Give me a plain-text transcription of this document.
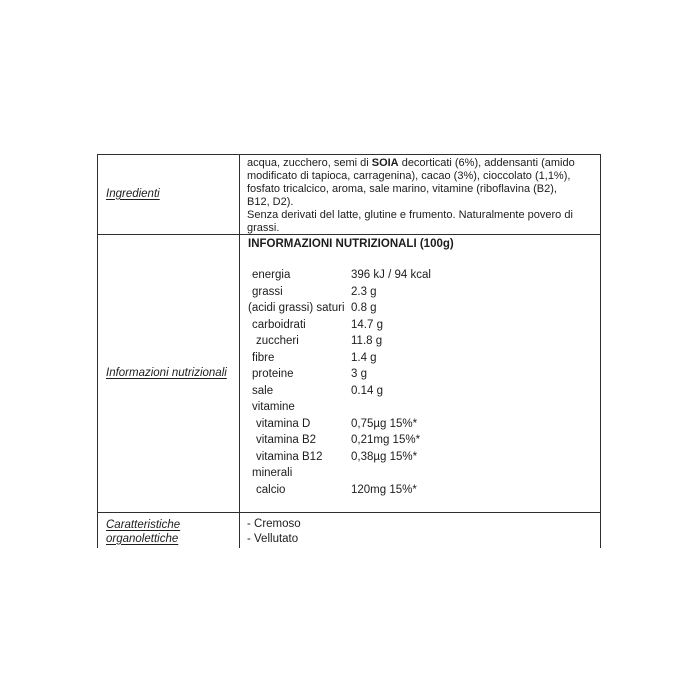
Ingredienti
acqua, zucchero, semi di SOIA decorticati (6%), addensanti (amido
modificato di tapioca, carragenina), cacao (3%), cioccolato (1,1%),
fosfato tricalcico, aroma, sale marino, vitamine (riboflavina (B2),
B12, D2).
Senza derivati del latte, glutine e frumento. Naturalmente povero di
grassi.
Informazioni nutrizionali
INFORMAZIONI NUTRIZIONALI (100g)
energia	396 kJ / 94 kcal
grassi	2.3 g
(acidi grassi) saturi 0.8 g
carboidrati	14.7 g
zuccheri	11.8 g
fibre	1.4 g
proteine	3 g
sale	0.14 g
vitamine
vitamina D	0,75µg 15%*
vitamina B2	0,21mg 15%*
vitamina B12 0,38µg 15%*
minerali
calcio	120mg 15%*
Caratteristiche
organolettiche
- Cremoso
- Vellutato
